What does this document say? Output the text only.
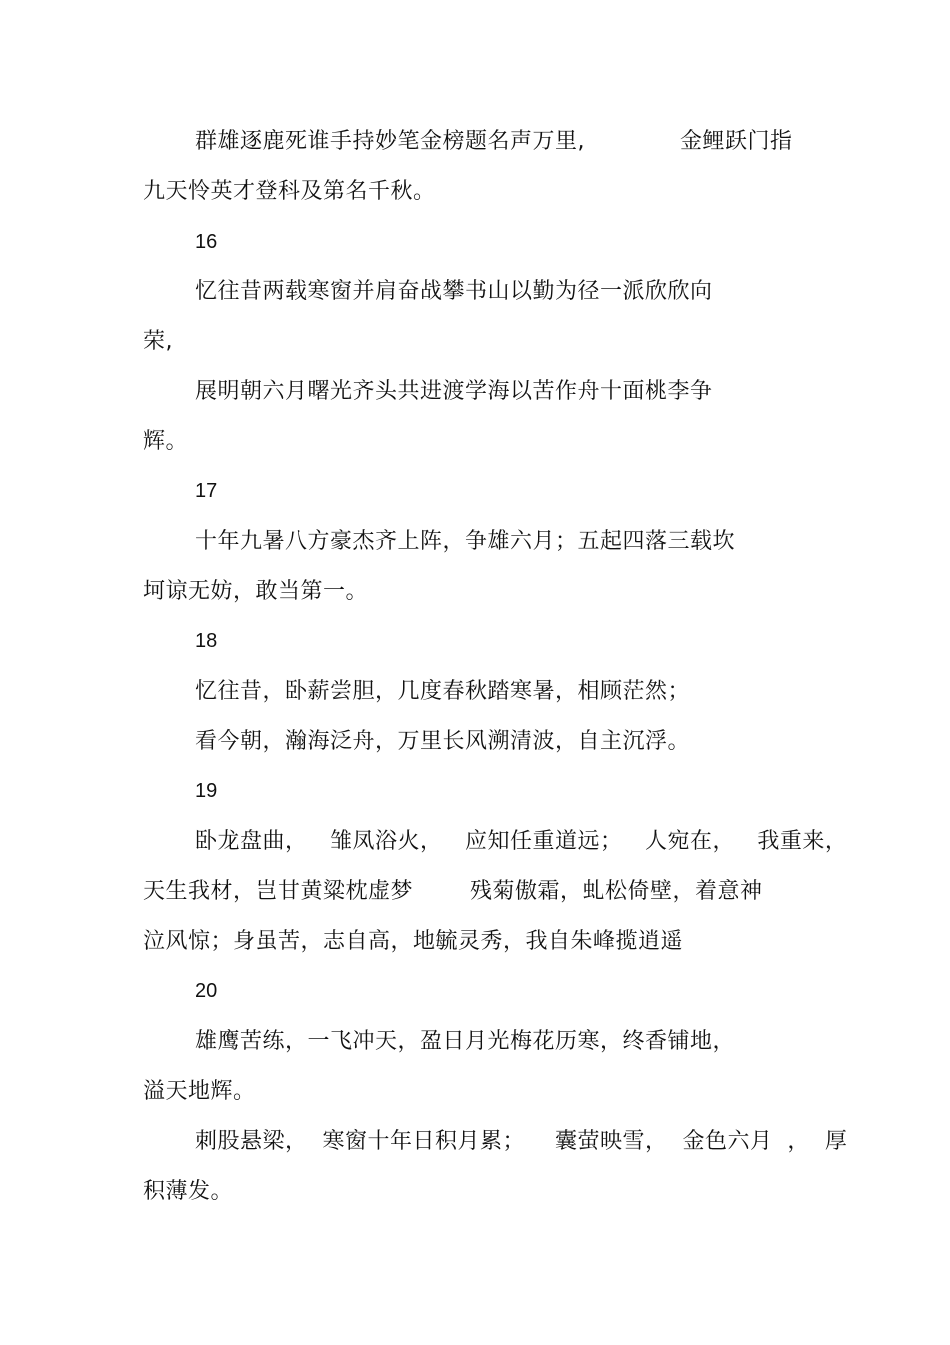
群雄逐鹿死谁手持妙笔金榜题名声万里,	金鲤跃门指
九天怜英才登科及第名千秋。
16
忆往昔两载寒窗并肩奋战攀书山以勤为径一派欣欣向
荣,
展明朝六月曙光齐头共进渡学海以苦作舟十面桃李争
辉。
17
十年九暑八方豪杰齐上阵，争雄六月；五起四落三载坎
坷谅无妨，敢当第一。
18
忆往昔，卧薪尝胆，几度春秋踏寒暑，相顾茫然；
看今朝，瀚海泛舟，万里长风溯清波，自主沉浮。
19
卧龙盘曲，   雏凤浴火，   应知任重道远；   人宛在，   我重来，
天生我材，岂甘黄粱枕虚梦	残菊傲霜，虬松倚壁，着意神
泣风惊；身虽苦，志自高，地毓灵秀，我自朱峰揽逍遥
20
雄鹰苦练，一飞冲天，盈日月光梅花历寒，终香铺地，
溢天地辉。
刺股悬梁，  寒窗十年日积月累；    囊萤映雪，  金色六月  ，  厚
积薄发。
